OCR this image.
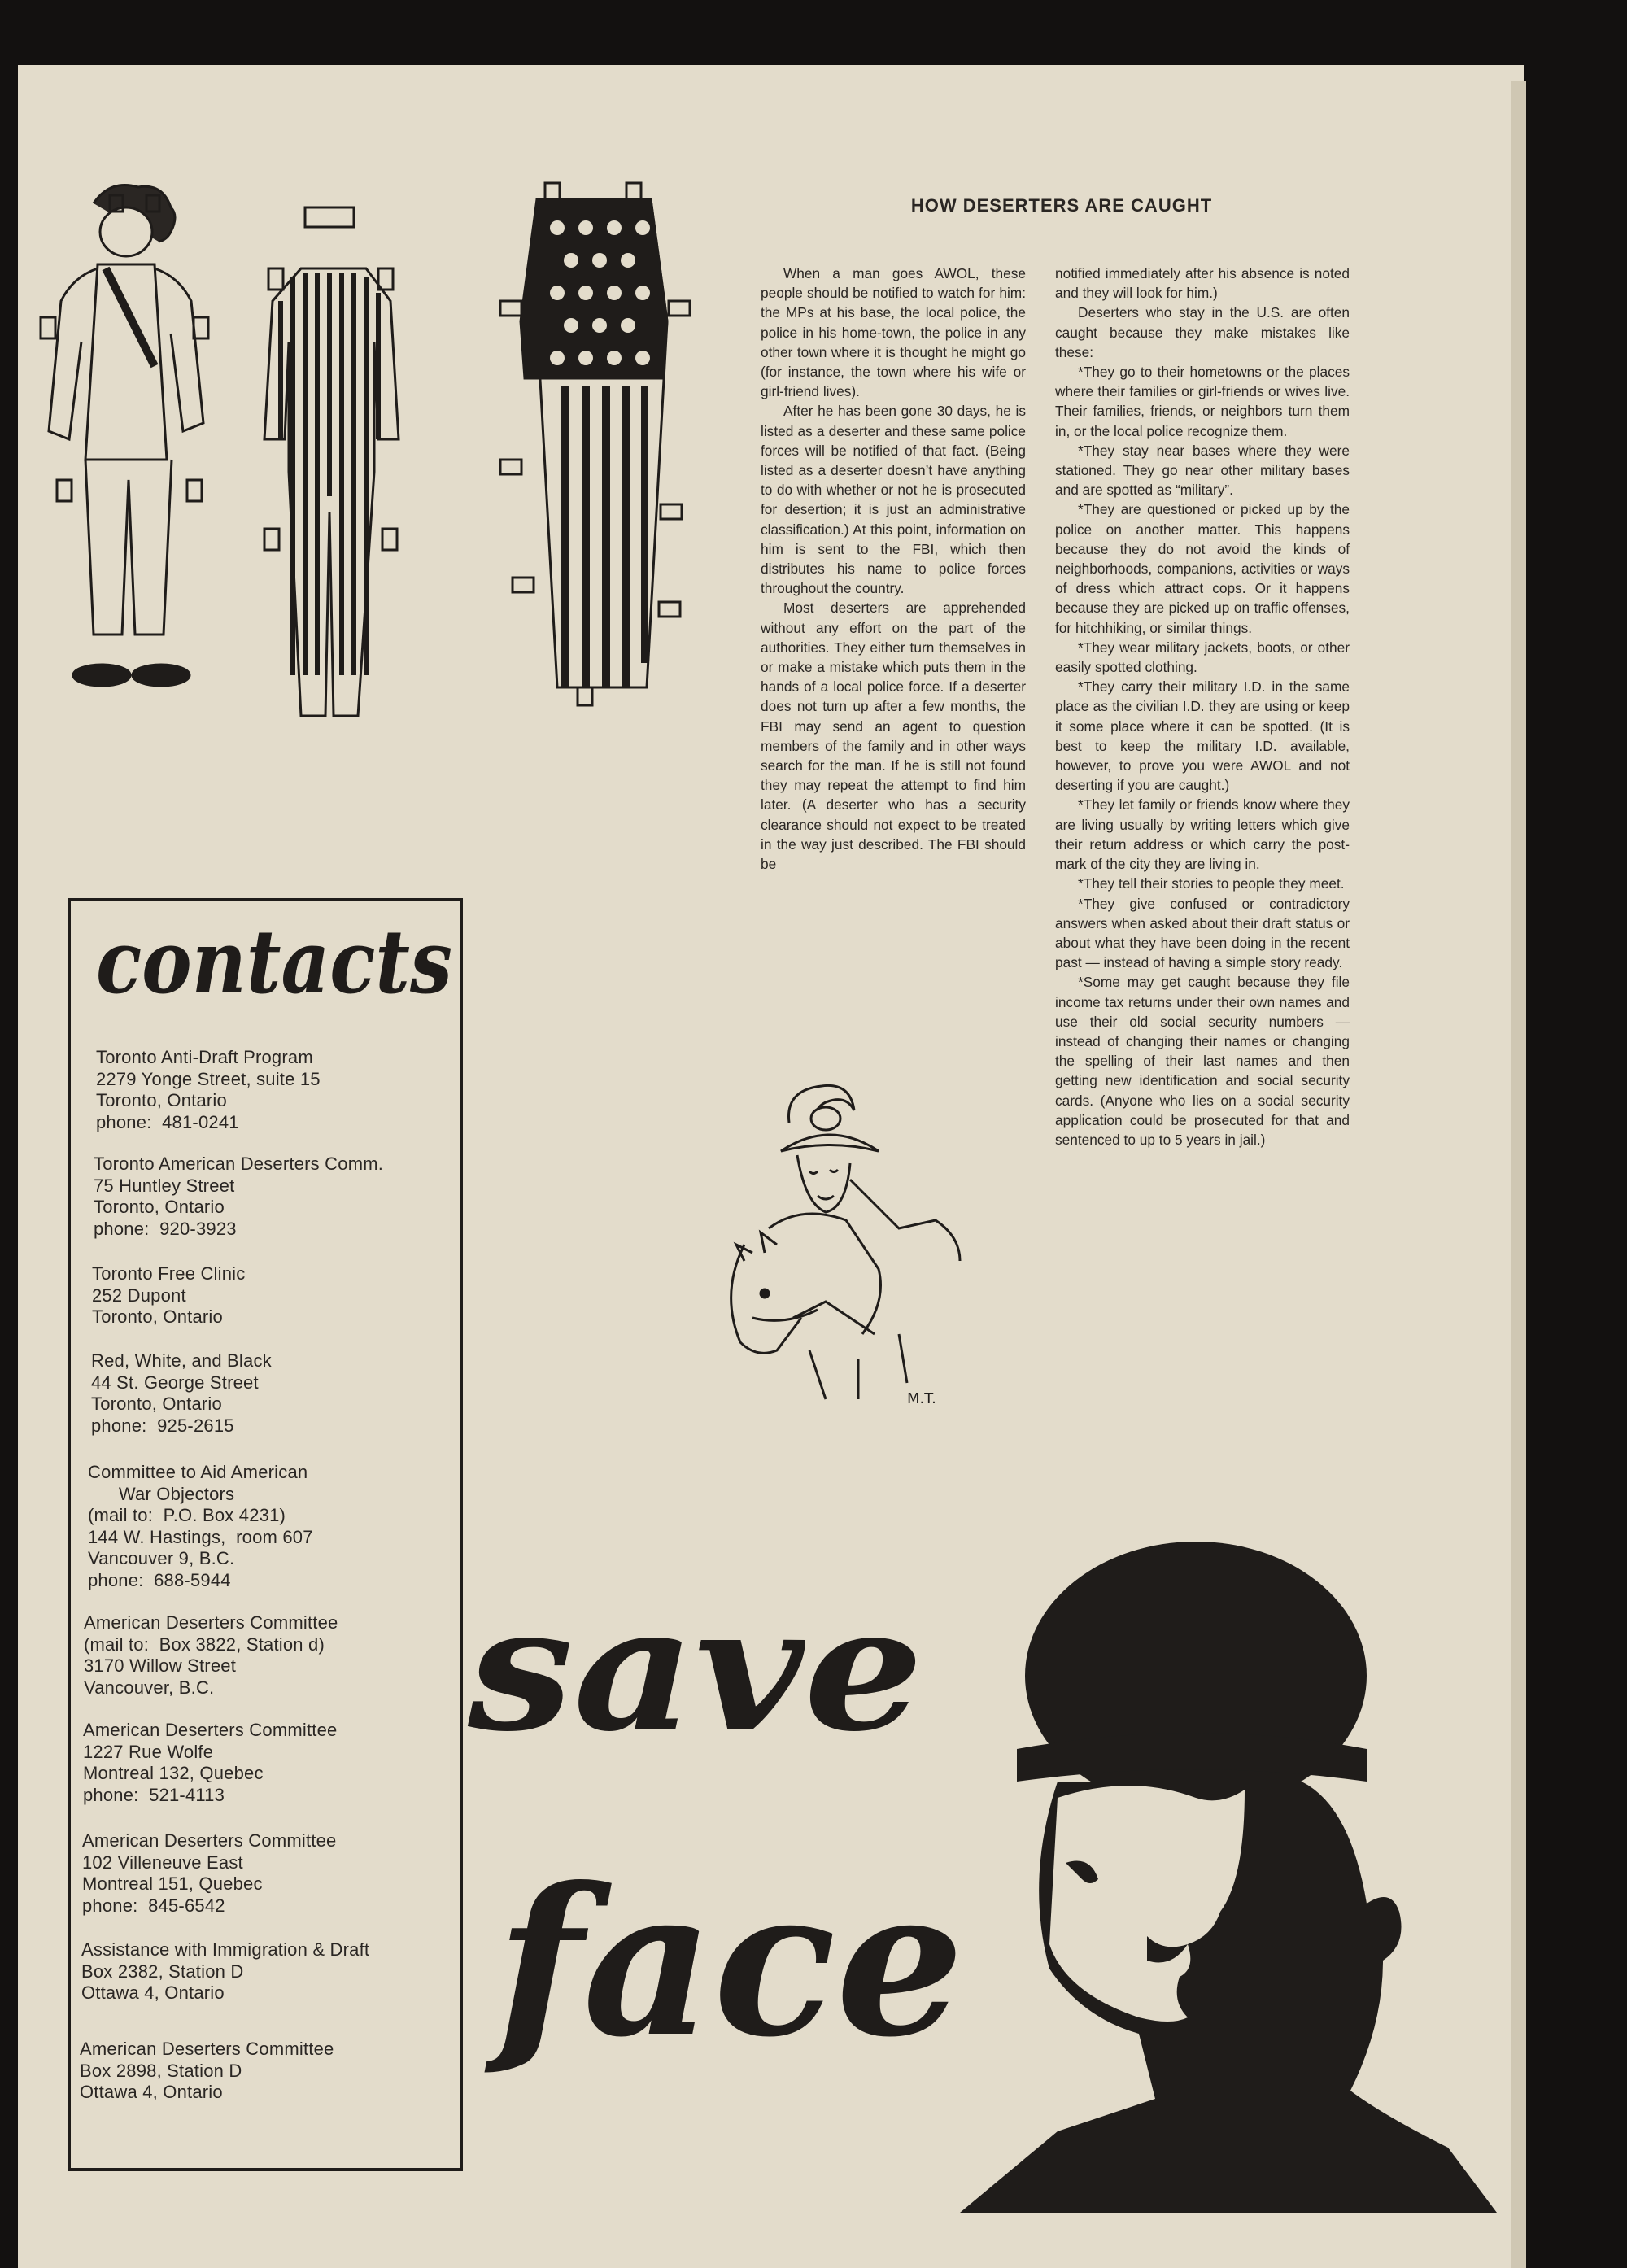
HOW DESERTERS ARE CAUGHT

When a man goes AWOL, these people should be notified to watch for him: the MPs at his base, the local police, the police in his home-town, the police in any other town where it is thought he might go (for instance, the town where his wife or girl-friend lives).

After he has been gone 30 days, he is listed as a deserter and these same police forces will be notified of that fact. (Being listed as a deserter doesn’t have anything to do with whether or not he is prosecuted for desertion; it is just an administrative classification.) At this point, information on him is sent to the FBI, which then distributes his name to police forces throughout the country.

Most deserters are apprehended without any effort on the part of the authorities. They either turn themselves in or make a mistake which puts them in the hands of a local police force. If a deserter does not turn up after a few months, the FBI may send an agent to question members of the family and in other ways search for the man. If he is still not found they may repeat the attempt to find him later. (A deserter who has a security clearance should not expect to be treated in the way just described. The FBI should be

notified immediately after his absence is noted and they will look for him.)

Deserters who stay in the U.S. are often caught because they make mistakes like these:

*They go to their hometowns or the places where their families or girl-friends or wives live. Their families, friends, or neighbors turn them in, or the local police recognize them.

*They stay near bases where they were stationed. They go near other military bases and are spotted as “military”.

*They are questioned or picked up by the police on another matter. This happens because they do not avoid the kinds of neighborhoods, companions, activities or ways of dress which attract cops. Or it happens because they are picked up on traffic offenses, for hitchhiking, or similar things.

*They wear military jackets, boots, or other easily spotted clothing.

*They carry their military I.D. in the same place as the civilian I.D. they are using or keep it some place where it can be spotted. (It is best to keep the military I.D. available, however, to prove you were AWOL and not deserting if you are caught.)

*They let family or friends know where they are living usually by writing letters which give their return address or which carry the post-mark of the city they are living in.

*They tell their stories to people they meet.

*They give confused or contradictory answers when asked about their draft status or about what they have been doing in the recent past — instead of having a simple story ready.

*Some may get caught because they file income tax returns under their own names and use their old social security numbers — instead of changing their names or changing the spelling of their last names and then getting new identification and social security cards. (Anyone who lies on a social security application could be prosecuted for that and sentenced to up to 5 years in jail.)

M.T.
contacts
Toronto Anti-Draft Program
2279 Yonge Street, suite 15
Toronto, Ontario
phone:  481-0241
Toronto American Deserters Comm.
75 Huntley Street
Toronto, Ontario
phone:  920-3923
Toronto Free Clinic
252 Dupont
Toronto, Ontario
Red, White, and Black
44 St. George Street
Toronto, Ontario
phone:  925-2615
Committee to Aid American
War Objectors
(mail to:  P.O. Box 4231)
144 W. Hastings,  room 607
Vancouver 9, B.C.
phone:  688-5944
American Deserters Committee
(mail to:  Box 3822, Station d)
3170 Willow Street
Vancouver, B.C.
American Deserters Committee
1227 Rue Wolfe
Montreal 132, Quebec
phone:  521-4113
American Deserters Committee
102 Villeneuve East
Montreal 151, Quebec
phone:  845-6542
Assistance with Immigration & Draft
Box 2382, Station D
Ottawa 4, Ontario
American Deserters Committee
Box 2898, Station D
Ottawa 4, Ontario
save
face
